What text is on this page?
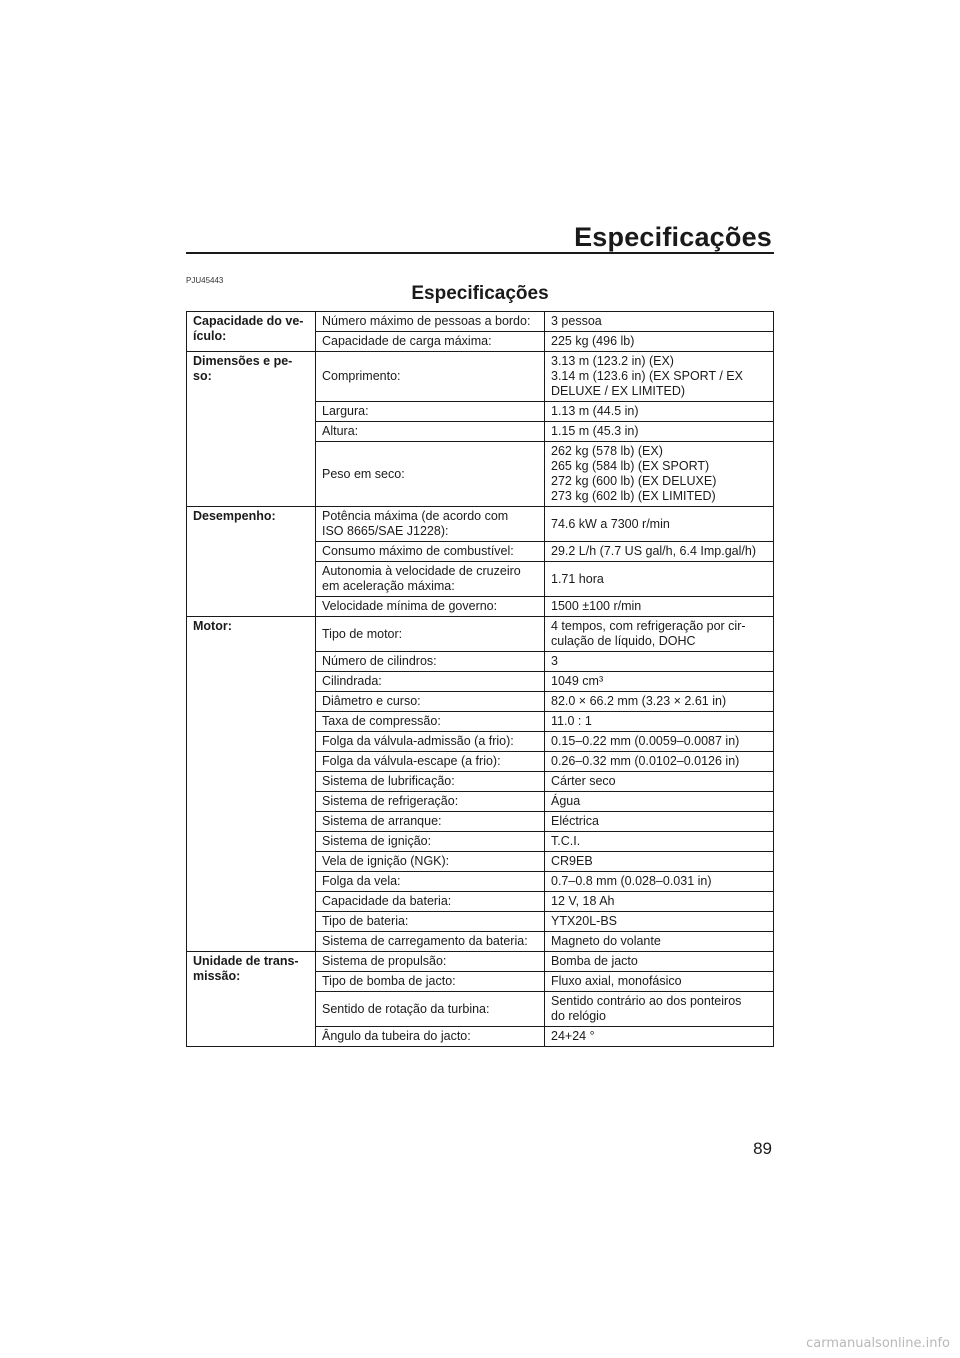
Especificações
PJU45443
Especificações
Capacidade do ve-
ículo:	Número máximo de pessoas a bordo:	3 pessoa
	Capacidade de carga máxima:	225 kg (496 lb)
Dimensões e pe-
so:	Comprimento:	3.13 m (123.2 in) (EX)
3.14 m (123.6 in) (EX SPORT / EX
DELUXE / EX LIMITED)
	Largura:	1.13 m (44.5 in)
	Altura:	1.15 m (45.3 in)
	Peso em seco:	262 kg (578 lb) (EX)
265 kg (584 lb) (EX SPORT)
272 kg (600 lb) (EX DELUXE)
273 kg (602 lb) (EX LIMITED)
Desempenho:	Potência máxima (de acordo com
ISO 8665/SAE J1228):	74.6 kW a 7300 r/min
	Consumo máximo de combustível:	29.2 L/h (7.7 US gal/h, 6.4 Imp.gal/h)
	Autonomia à velocidade de cruzeiro
em aceleração máxima:	1.71 hora
	Velocidade mínima de governo:	1500 ±100 r/min
Motor:	Tipo de motor:	4 tempos, com refrigeração por cir-
culação de líquido, DOHC
	Número de cilindros:	3
	Cilindrada:	1049 cm³
	Diâmetro e curso:	82.0 × 66.2 mm (3.23 × 2.61 in)
	Taxa de compressão:	11.0 : 1
	Folga da válvula-admissão (a frio):	0.15–0.22 mm (0.0059–0.0087 in)
	Folga da válvula-escape (a frio):	0.26–0.32 mm (0.0102–0.0126 in)
	Sistema de lubrificação:	Cárter seco
	Sistema de refrigeração:	Água
	Sistema de arranque:	Eléctrica
	Sistema de ignição:	T.C.I.
	Vela de ignição (NGK):	CR9EB
	Folga da vela:	0.7–0.8 mm (0.028–0.031 in)
	Capacidade da bateria:	12 V, 18 Ah
	Tipo de bateria:	YTX20L-BS
	Sistema de carregamento da bateria:	Magneto do volante
Unidade de trans-
missão:	Sistema de propulsão:	Bomba de jacto
	Tipo de bomba de jacto:	Fluxo axial, monofásico
	Sentido de rotação da turbina:	Sentido contrário ao dos ponteiros
do relógio
	Ângulo da tubeira do jacto:	24+24 °
89
carmanualsonline.info
